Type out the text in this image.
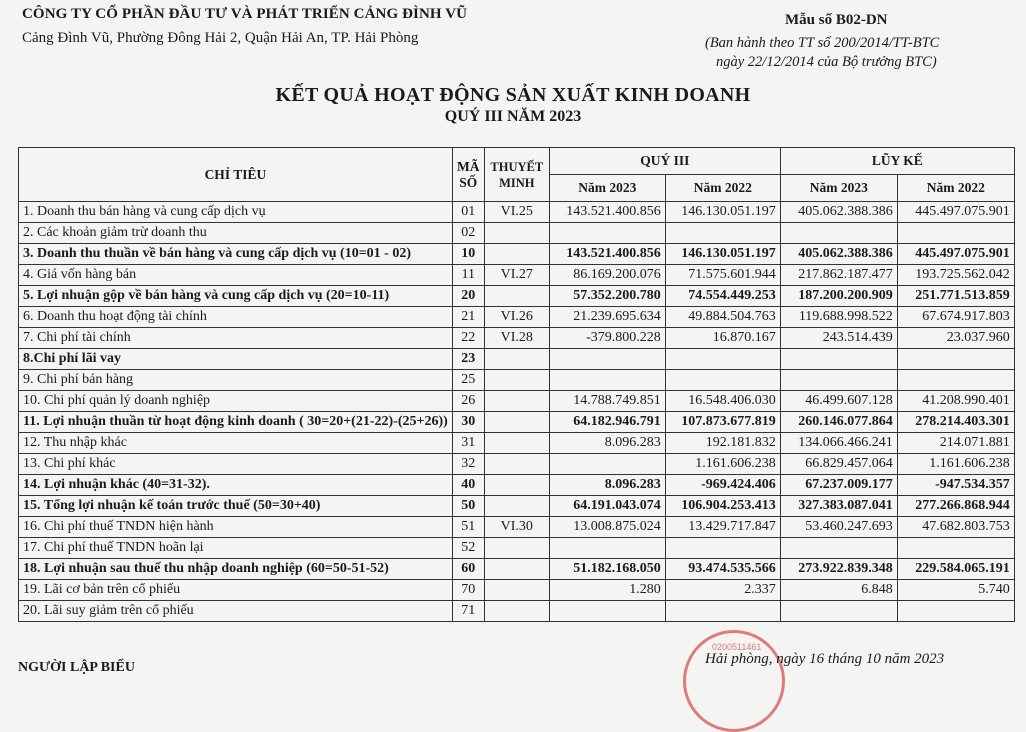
CÔNG TY CỔ PHẦN ĐẦU TƯ VÀ PHÁT TRIỂN CẢNG ĐÌNH VŨ
Cảng Đình Vũ, Phường Đông Hải 2, Quận Hải An, TP. Hải Phòng
Mẫu số B02-DN
(Ban hành theo TT số 200/2014/TT-BTC
ngày 22/12/2014 của Bộ trưởng BTC)
KẾT QUẢ HOẠT ĐỘNG SẢN XUẤT KINH DOANH
QUÝ III NĂM 2023
CHỈ TIÊU	MÃ SỐ	THUYẾT MINH	QUÝ III		LŨY KẾ	
			Năm 2023	Năm 2022	Năm 2023	Năm 2022
1. Doanh thu bán hàng và cung cấp dịch vụ	01	VI.25	143.521.400.856	146.130.051.197	405.062.388.386	445.497.075.901
2. Các khoản giảm trừ doanh thu	02					
3. Doanh thu thuần về bán hàng và cung cấp dịch vụ (10=01 - 02)	10		143.521.400.856	146.130.051.197	405.062.388.386	445.497.075.901
4. Giá vốn hàng bán	11	VI.27	86.169.200.076	71.575.601.944	217.862.187.477	193.725.562.042
5. Lợi nhuận gộp về bán hàng và cung cấp dịch vụ (20=10-11)	20		57.352.200.780	74.554.449.253	187.200.200.909	251.771.513.859
6. Doanh thu hoạt động tài chính	21	VI.26	21.239.695.634	49.884.504.763	119.688.998.522	67.674.917.803
7. Chi phí tài chính	22	VI.28	-379.800.228	16.870.167	243.514.439	23.037.960
8.Chi phí lãi vay	23					
9. Chi phí bán hàng	25					
10. Chi phí quản lý doanh nghiệp	26		14.788.749.851	16.548.406.030	46.499.607.128	41.208.990.401
11. Lợi nhuận thuần từ hoạt động kinh doanh ( 30=20+(21-22)-(25+26))	30		64.182.946.791	107.873.677.819	260.146.077.864	278.214.403.301
12. Thu nhập khác	31		8.096.283	192.181.832	134.066.466.241	214.071.881
13. Chi phí khác	32			1.161.606.238	66.829.457.064	1.161.606.238
14. Lợi nhuận khác (40=31-32).	40		8.096.283	-969.424.406	67.237.009.177	-947.534.357
15. Tổng lợi nhuận kế toán trước thuế (50=30+40)	50		64.191.043.074	106.904.253.413	327.383.087.041	277.266.868.944
16. Chi phí thuế TNDN hiện hành	51	VI.30	13.008.875.024	13.429.717.847	53.460.247.693	47.682.803.753
17. Chi phí thuế TNDN hoãn lại	52					
18. Lợi nhuận sau thuế thu nhập doanh nghiệp (60=50-51-52)	60		51.182.168.050	93.474.535.566	273.922.839.348	229.584.065.191
19. Lãi cơ bản trên cổ phiếu	70		1.280	2.337	6.848	5.740
20. Lãi suy giảm trên cổ phiếu	71					
0200511461
NGƯỜI LẬP BIỂU
Hải phòng, ngày 16 tháng 10 năm 2023
